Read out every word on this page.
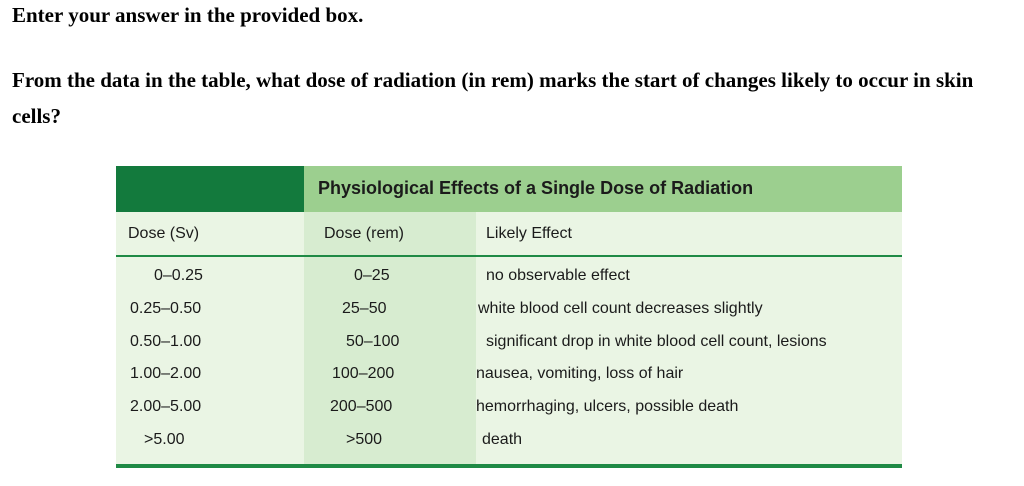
Enter your answer in the provided box.

From the data in the table, what dose of radiation (in rem) marks the start of changes likely to occur in skin cells?

Physiological Effects of a Single Dose of Radiation
Dose (Sv)	Dose (rem)	Likely Effect
0–0.25	0–25	no observable effect
0.25–0.50	25–50	white blood cell count decreases slightly
0.50–1.00	50–100	significant drop in white blood cell count, lesions
1.00–2.00	100–200	nausea, vomiting, loss of hair
2.00–5.00	200–500	hemorrhaging, ulcers, possible death
>5.00	>500	death
